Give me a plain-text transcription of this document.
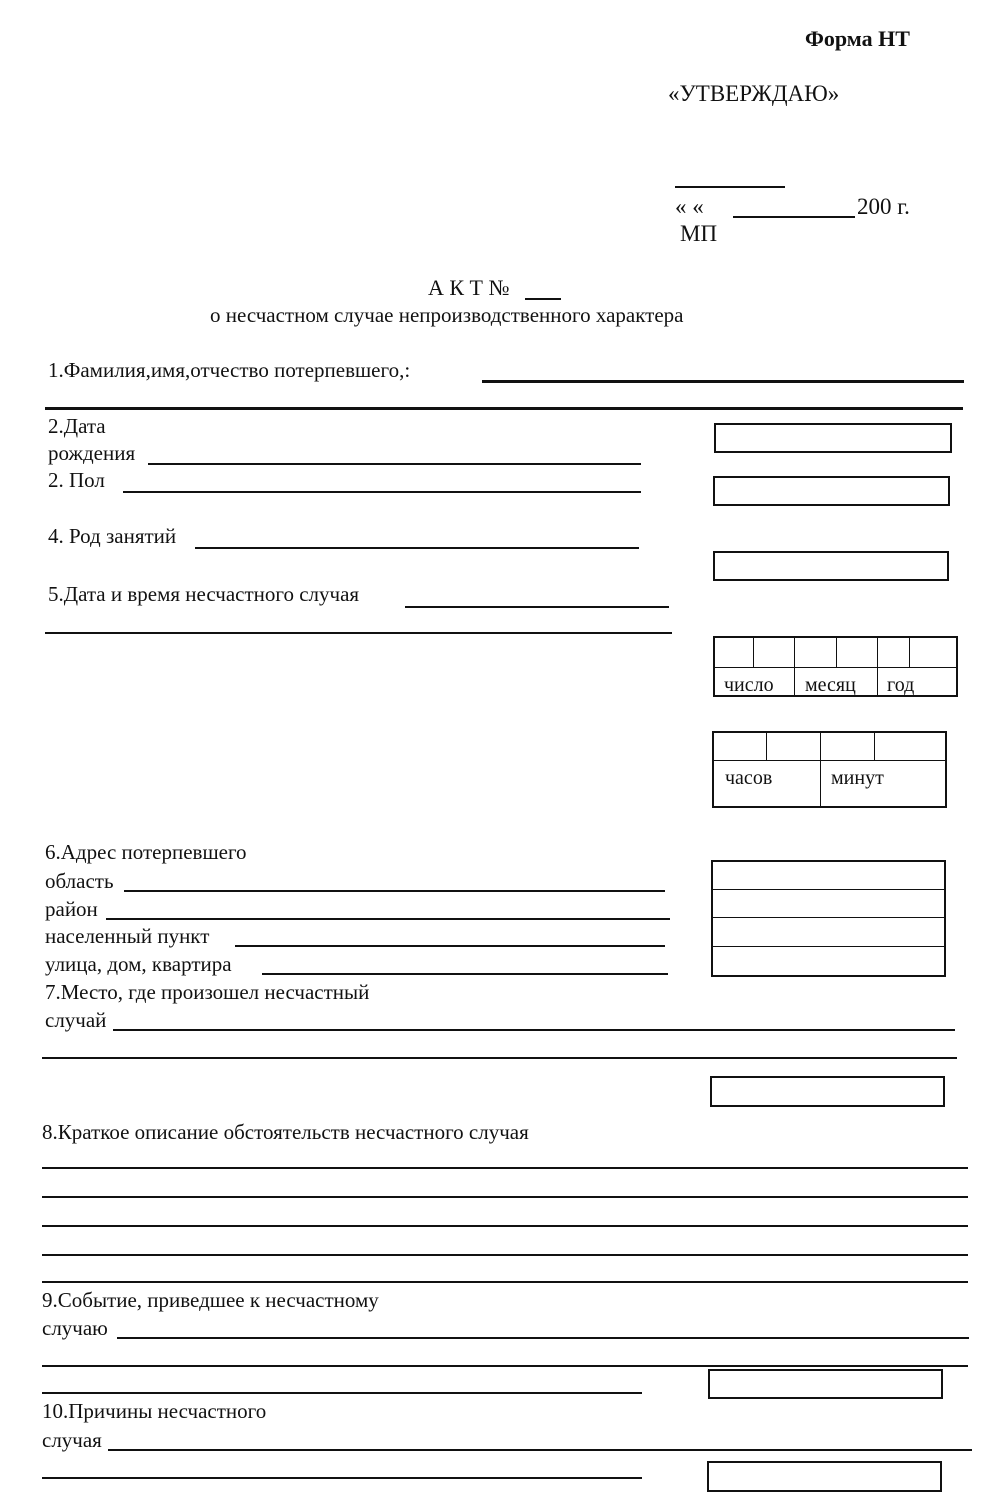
Форма НТ
«УТВЕРЖДАЮ»
« «	200 г.
МП
А К Т №
о несчастном случае непроизводственного характера
1.Фамилия,имя,отчество потерпевшего,:
2.Дата
рождения
2. Пол
4. Род занятий
5.Дата и время несчастного случая
число месяц год
часов	минут
6.Адрес потерпевшего
область
район
населенный пункт
улица, дом, квартира
7.Место, где произошел несчастный
случай
8.Краткое описание обстоятельств несчастного случая
9.Событие, приведшее к несчастному
случаю
10.Причины несчастного
случая
